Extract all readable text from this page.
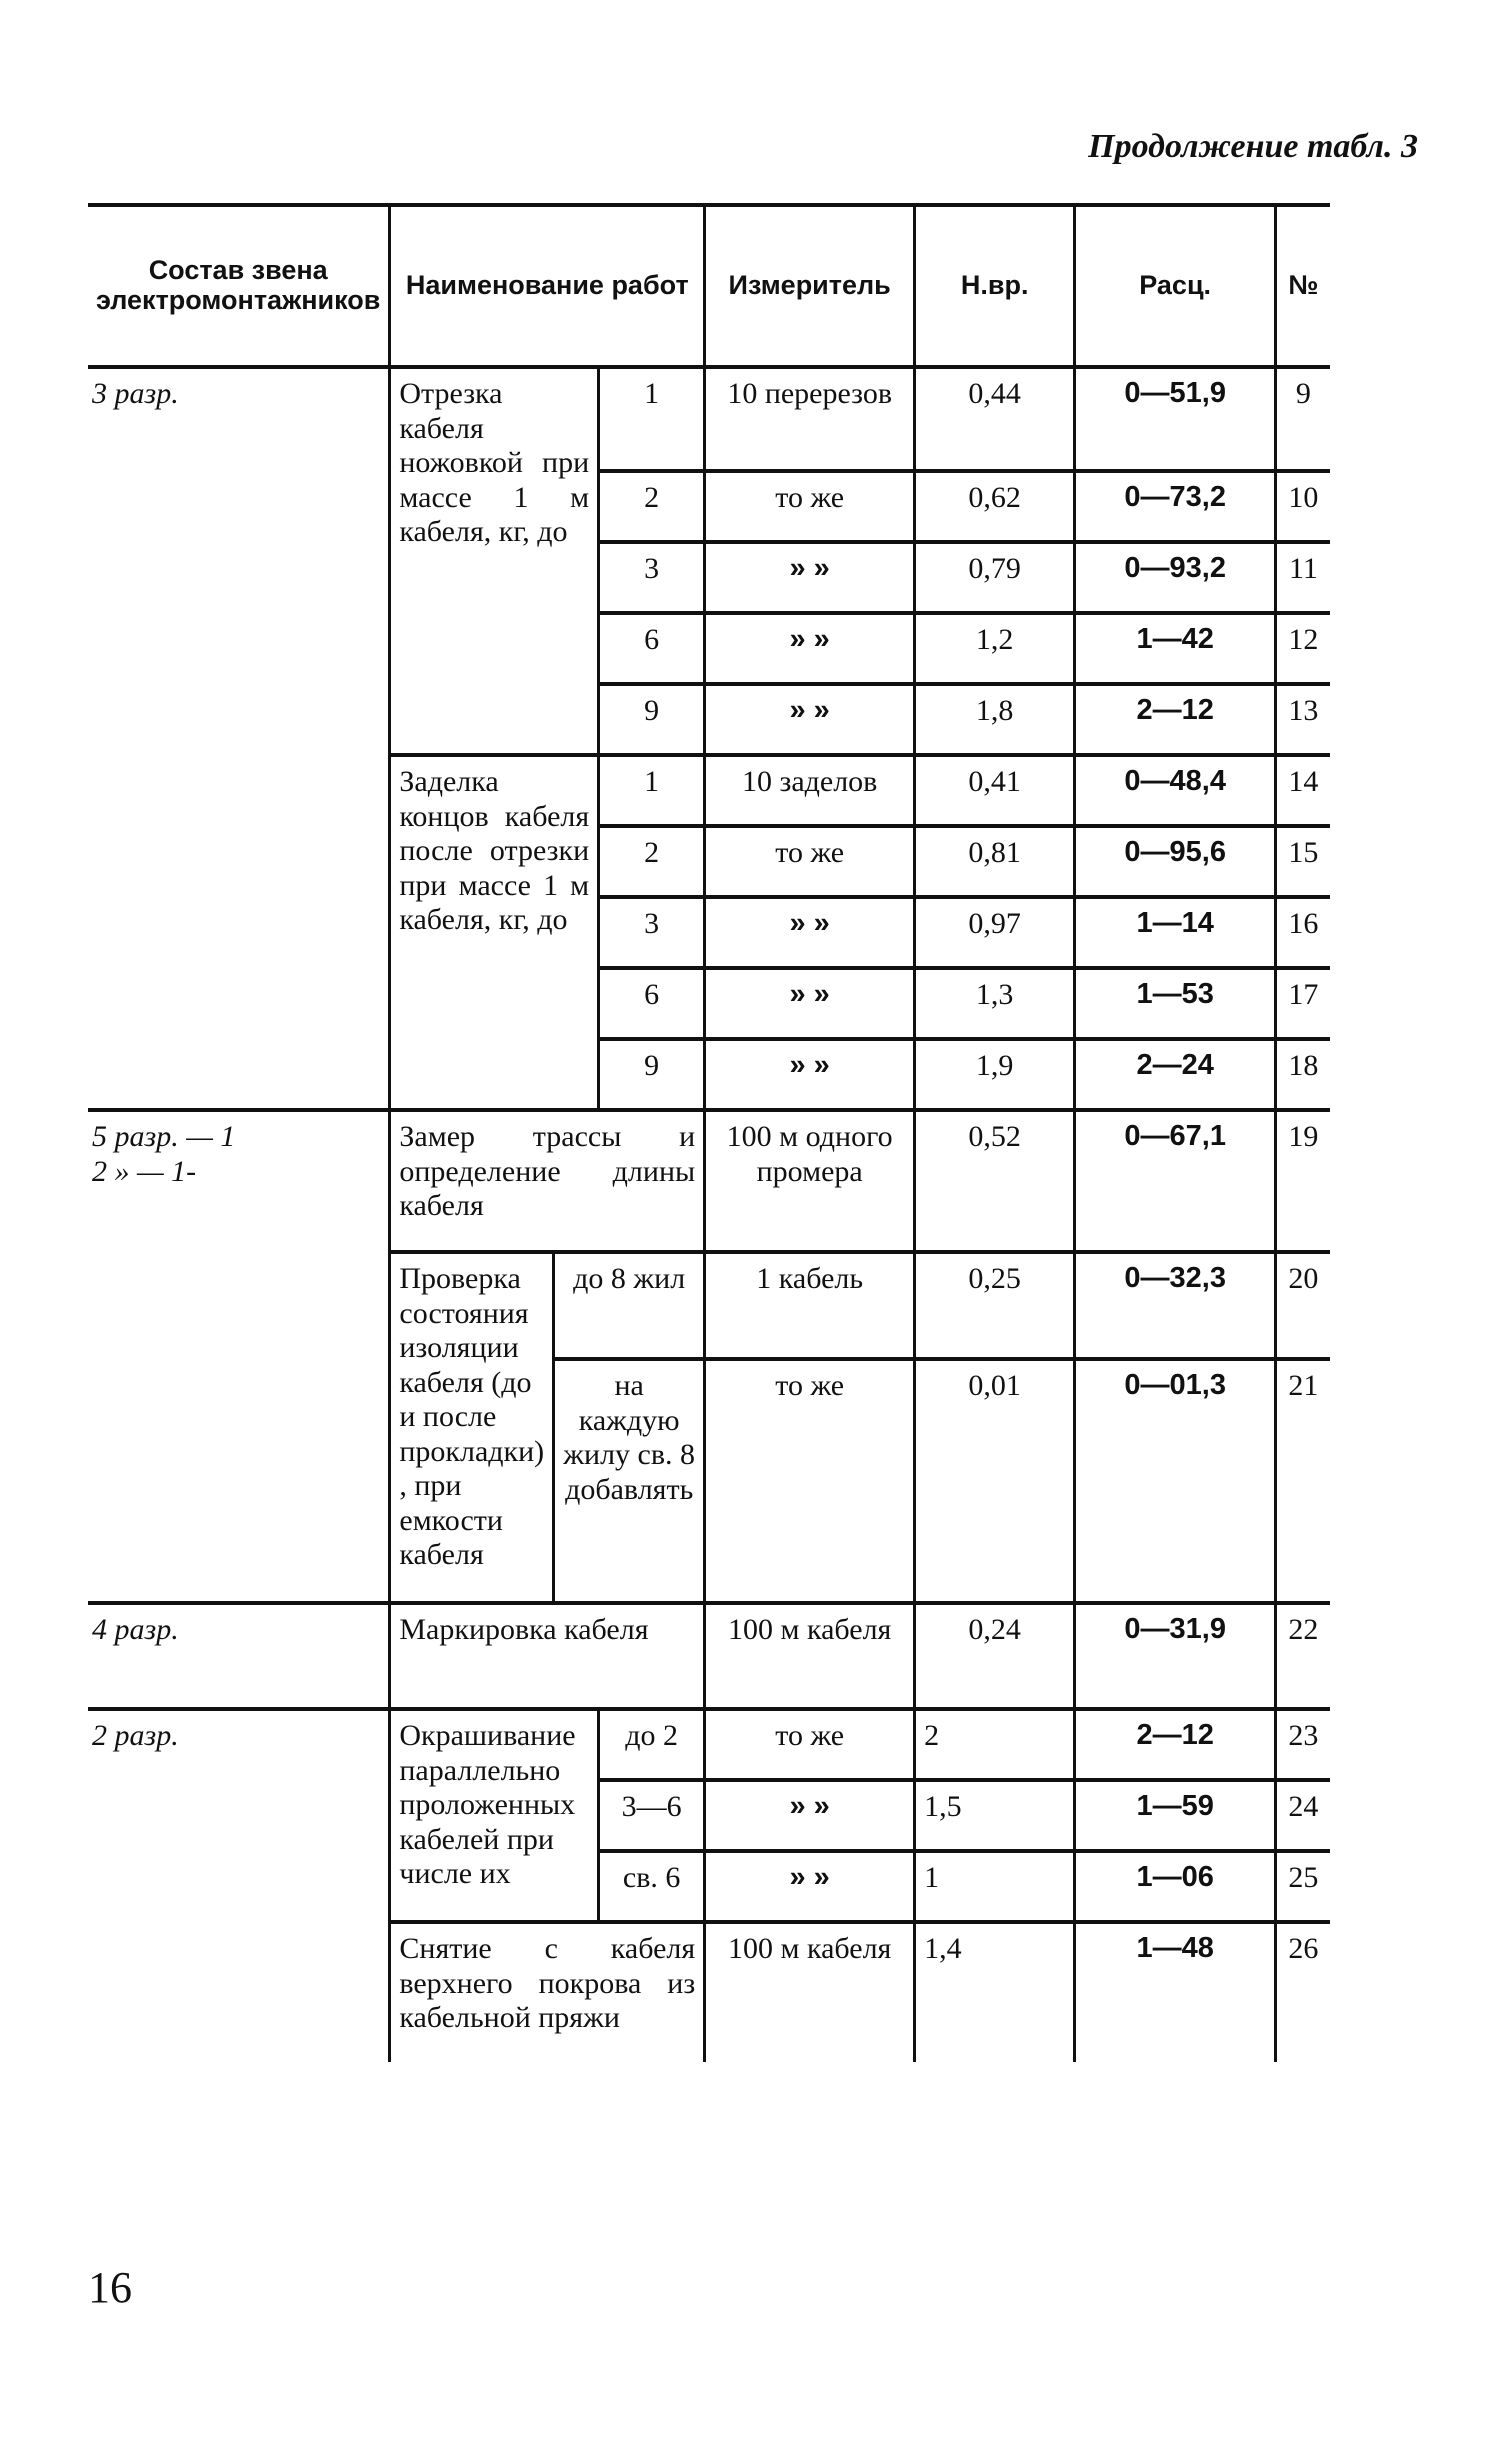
Продолжение табл. 3
Состав звена электромонтажников	Наименование работ			Измеритель	Н.вр.	Расц.	№
3 разр.	Отрезка кабеля ножовкой при массе 1 м кабеля, кг, до		1	10 перерезов	0,44	0—51,9	9
			2	то же	0,62	0—73,2	10
			3	» »	0,79	0—93,2	11
			6	» »	1,2	1—42	12
			9	» »	1,8	2—12	13
	Заделка концов кабеля после отрезки при массе 1 м кабеля, кг, до		1	10 заделов	0,41	0—48,4	14
			2	то же	0,81	0—95,6	15
			3	» »	0,97	1—14	16
			6	» »	1,3	1—53	17
			9	» »	1,9	2—24	18

5 разр. — 1
2 » — 1-	Замер трассы и определение длины кабеля			100 м одного промера	0,52	0—67,1	19
	Проверка состояния изоляции кабеля (до и после прокладки) , при емкости кабеля	до 8 жил		1 кабель	0,25	0—32,3	20
		на каждую жилу св. 8 добавлять		то же	0,01	0—01,3	21
4 разр.	Маркировка кабеля			100 м кабеля	0,24	0—31,9	22
2 разр.	Окрашивание параллельно проложенных кабелей при числе их		до 2	то же	2	2—12	23
			3—6	» »	1,5	1—59	24
			св. 6	» »	1	1—06	25
	Снятие с кабеля верхнего покрова из кабельной пряжи			100 м кабеля	1,4	1—48	26
16
